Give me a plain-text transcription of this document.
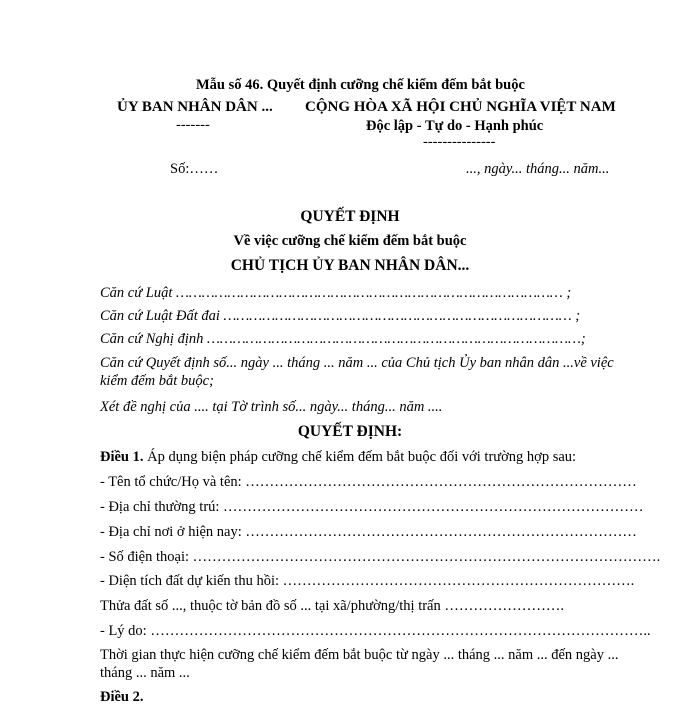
Mẫu số 46. Quyết định cưỡng chế kiểm đếm bắt buộc
ỦY BAN NHÂN DÂN ...
-------
CỘNG HÒA XÃ HỘI CHỦ NGHĨA VIỆT NAM
Độc lập - Tự do - Hạnh phúc
---------------
Số:……	..., ngày... tháng... năm...
QUYẾT ĐỊNH
Về việc cưỡng chế kiểm đếm bắt buộc
CHỦ TỊCH ỦY BAN NHÂN DÂN...
Căn cứ Luật ……………………………………………………………………………… ;
Căn cứ Luật Đất đai ……………………………………………………………………… ;
Căn cứ Nghị định ……………………………………………………………………………;
Căn cứ Quyết định số... ngày ... tháng ... năm ... của Chủ tịch Ủy ban nhân dân ...về việc kiểm đếm bắt buộc;
Xét đề nghị của .... tại Tờ trình số... ngày... tháng... năm ....
QUYẾT ĐỊNH:
Điều 1. Áp dụng biện pháp cưỡng chế kiểm đếm bắt buộc đối với trường hợp sau:
- Tên tổ chức/Họ và tên: ………………………………………………………………………
- Địa chỉ thường trú: ……………………………………………………………………………
- Địa chỉ nơi ở hiện nay: ………………………………………………………………………
- Số điện thoại: …………………………………………………………………………………….
- Diện tích đất dự kiến thu hồi: ……………………………………………………………….
Thửa đất số ..., thuộc tờ bản đồ số ... tại xã/phường/thị trấn …………………….
- Lý do: …………………………………………………………………………………………..
Thời gian thực hiện cưỡng chế kiểm đếm bắt buộc từ ngày ... tháng ... năm ... đến ngày ... tháng ... năm ...
Điều 2.
